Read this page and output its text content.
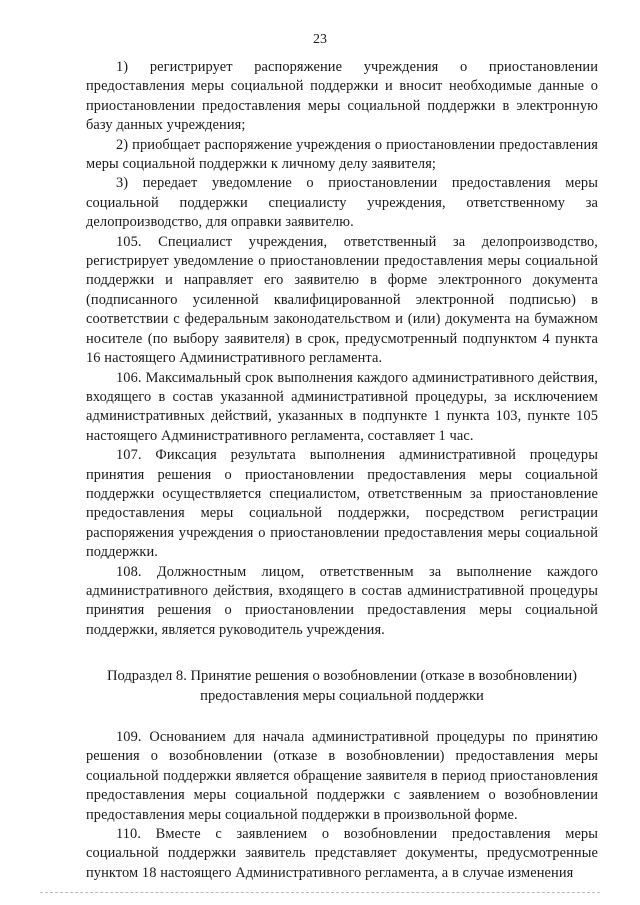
23

1) регистрирует распоряжение учреждения о приостановлении предоставления меры социальной поддержки и вносит необходимые данные о приостановлении предоставления меры социальной поддержки в электронную базу данных учреждения;

2) приобщает распоряжение учреждения о приостановлении предоставления меры социальной поддержки к личному делу заявителя;

3) передает уведомление о приостановлении предоставления меры социальной поддержки специалисту учреждения, ответственному за делопроизводство, для оправки заявителю.

105. Специалист учреждения, ответственный за делопроизводство, регистрирует уведомление о приостановлении предоставления меры социальной поддержки и направляет его заявителю в форме электронного документа (подписанного усиленной квалифицированной электронной подписью) в соответствии с федеральным законодательством и (или) документа на бумажном носителе (по выбору заявителя) в срок, предусмотренный подпунктом 4 пункта 16 настоящего Административного регламента.

106. Максимальный срок выполнения каждого административного действия, входящего в состав указанной административной процедуры, за исключением административных действий, указанных в подпункте 1 пункта 103, пункте 105 настоящего Административного регламента, составляет 1 час.

107. Фиксация результата выполнения административной процедуры принятия решения о приостановлении предоставления меры социальной поддержки осуществляется специалистом, ответственным за приостановление предоставления меры социальной поддержки, посредством регистрации распоряжения учреждения о приостановлении предоставления меры социальной поддержки.

108. Должностным лицом, ответственным за выполнение каждого административного действия, входящего в состав административной процедуры принятия решения о приостановлении предоставления меры социальной поддержки, является руководитель учреждения.

Подраздел 8. Принятие решения о возобновлении (отказе в возобновлении)
предоставления меры социальной поддержки

109. Основанием для начала административной процедуры по принятию решения о возобновлении (отказе в возобновлении) предоставления меры социальной поддержки является обращение заявителя в период приостановления предоставления меры социальной поддержки с заявлением о возобновлении предоставления меры социальной поддержки в произвольной форме.

110. Вместе с заявлением о возобновлении предоставления меры социальной поддержки заявитель представляет документы, предусмотренные пунктом 18 настоящего Административного регламента, а в случае изменения
